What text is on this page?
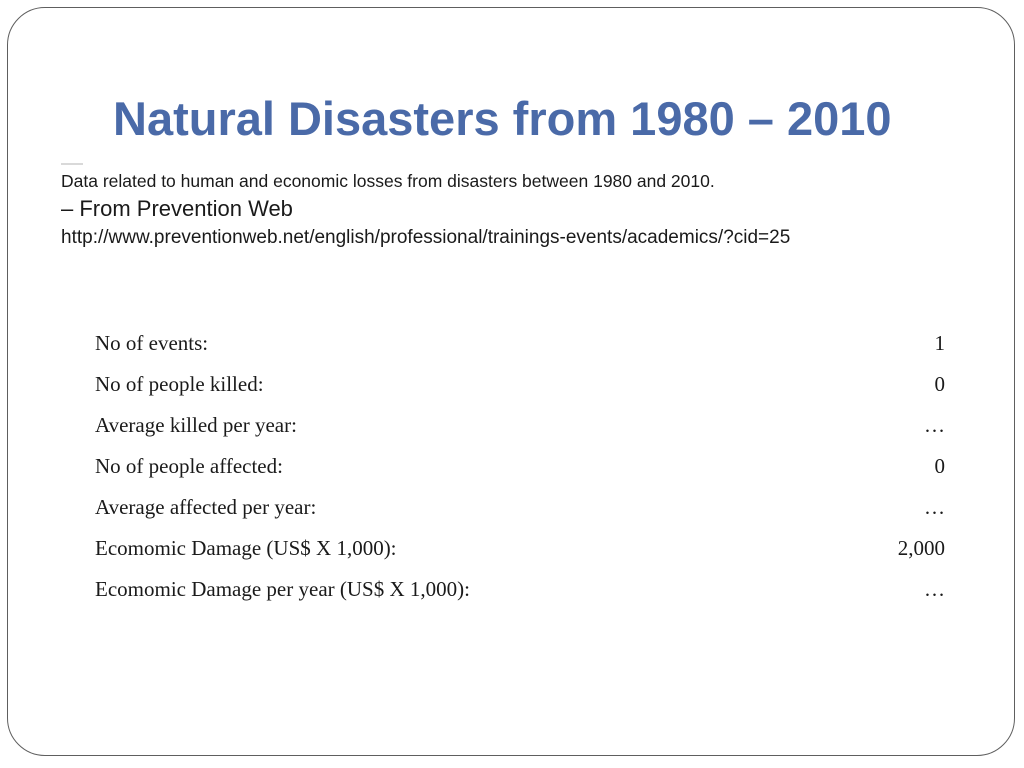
Natural Disasters from 1980 – 2010
Data related to human and economic losses from disasters between 1980 and 2010.
– From Prevention Web
http://www.preventionweb.net/english/professional/trainings-events/academics/?cid=25
No of events:	1
No of people killed:	0
Average killed per year:	…
No of people affected:	0
Average affected per year:	…
Ecomomic Damage (US$ X 1,000):	2,000
Ecomomic Damage per year (US$ X 1,000):	…
